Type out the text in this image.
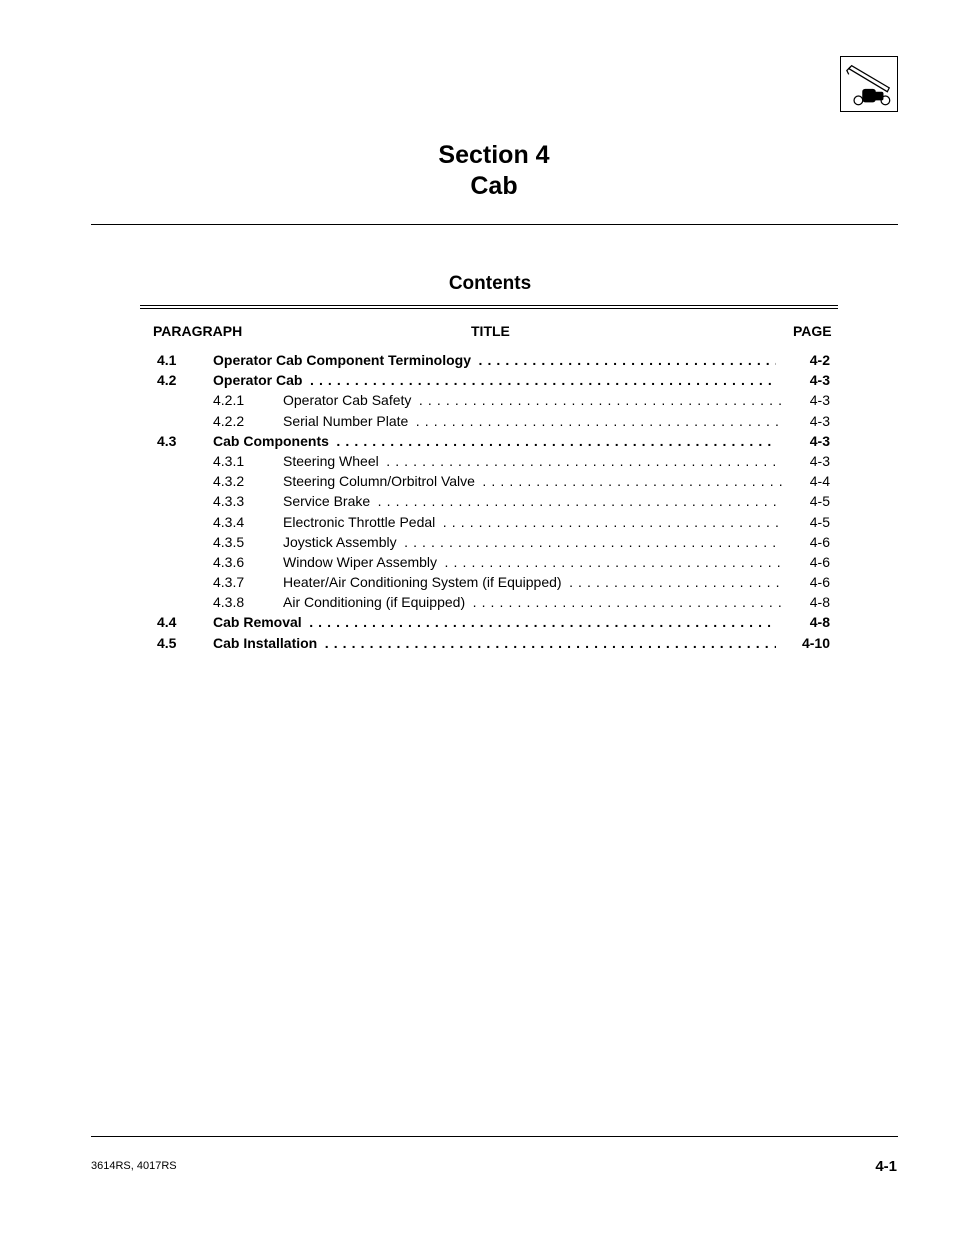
Section 4
Cab
Contents
PARAGRAPH	TITLE	PAGE
4.1	Operator Cab Component Terminology . . .	4-2
4.2	Operator Cab . . .	4-3
4.2.1	Operator Cab Safety . . .	4-3
4.2.2	Serial Number Plate . . .	4-3
4.3	Cab Components . . .	4-3
4.3.1	Steering Wheel . . .	4-3
4.3.2	Steering Column/Orbitrol Valve . . .	4-4
4.3.3	Service Brake . . .	4-5
4.3.4	Electronic Throttle Pedal . . .	4-5
4.3.5	Joystick Assembly . . .	4-6
4.3.6	Window Wiper Assembly . . .	4-6
4.3.7	Heater/Air Conditioning System (if Equipped) . . .	4-6
4.3.8	Air Conditioning (if Equipped) . . .	4-8
4.4	Cab Removal . . .	4-8
4.5	Cab Installation . . .	4-10
3614RS, 4017RS	4-1
